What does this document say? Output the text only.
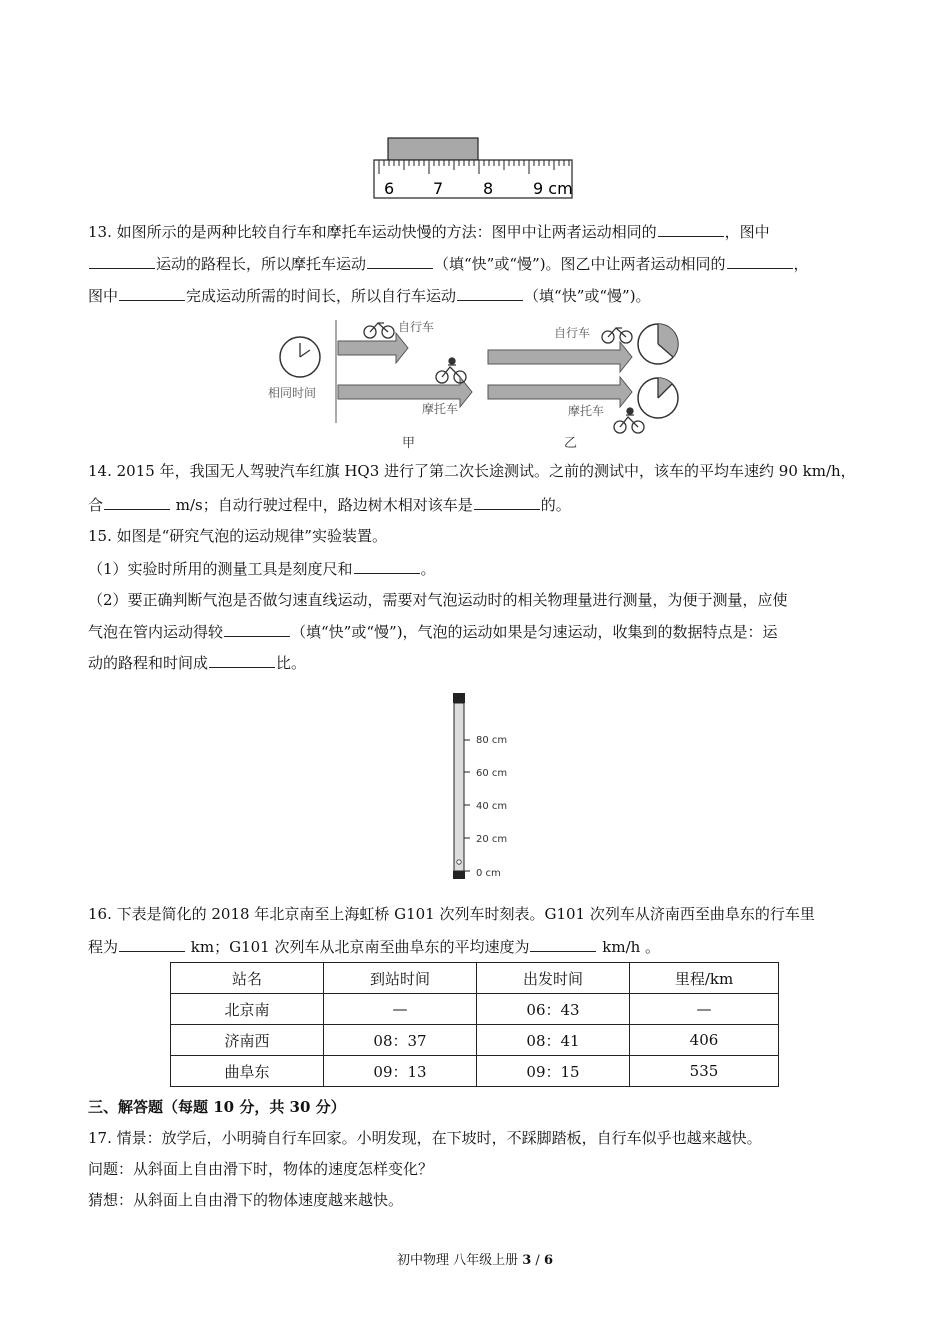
6 7 8 9 cm
13. 如图所示的是两种比较自行车和摩托车运动快慢的方法：图甲中让两者运动相同的	，图中
运动的路程长，所以摩托车运动	（填“快”或“慢”)。图乙中让两者运动相同的	，
图中	完成运动所需的时间长，所以自行车运动	（填“快”或“慢”)。
相同时间
自行车
摩托车
甲
自行车
摩托车
乙
14. 2015 年，我国无人驾驶汽车红旗 HQ3 进行了第二次长途测试。之前的测试中，该车的平均车速约 90 km/h，
合	m/s；自动行驶过程中，路边树木相对该车是	的。
15. 如图是“研究气泡的运动规律”实验装置。
（1）实验时所用的测量工具是刻度尺和	。
（2）要正确判断气泡是否做匀速直线运动，需要对气泡运动时的相关物理量进行测量，为便于测量，应使
气泡在管内运动得较	（填“快”或“慢”)，气泡的运动如果是匀速运动，收集到的数据特点是：运
动的路程和时间成	比。
80 cm
60 cm
40 cm
20 cm
0 cm
16. 下表是简化的 2018 年北京南至上海虹桥 G101 次列车时刻表。G101 次列车从济南西至曲阜东的行车里
程为	km；G101 次列车从北京南至曲阜东的平均速度为	km/h 。
站名	到站时间	出发时间	里程/km
北京南	—	06：43	—
济南西	08：37	08：41	406
曲阜东	09：13	09：15	535
三、解答题（每题 10 分，共 30 分）
17. 情景：放学后，小明骑自行车回家。小明发现，在下坡时，不踩脚踏板，自行车似乎也越来越快。
问题：从斜面上自由滑下时，物体的速度怎样变化？
猜想：从斜面上自由滑下的物体速度越来越快。
初中物理 八年级上册 3 / 6
